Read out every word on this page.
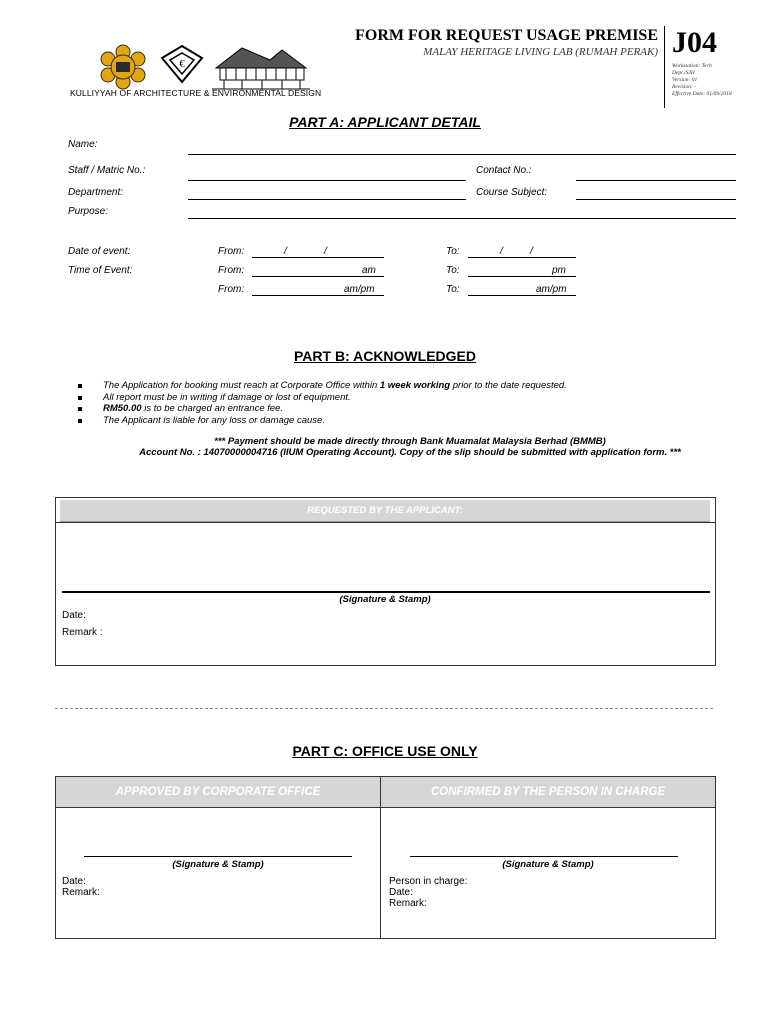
€
KULLIYYAH OF ARCHITECTURE & ENVIRONMENTAL DESIGN
FORM FOR REQUEST USAGE PREMISE
MALAY HERITAGE LIVING LAB (RUMAH PERAK) J04
Workstation: Tech Dept./SJH
Version: 01
Revision: -
Effective Date: 01/09/2018
PART A: APPLICANT DETAIL
Name:
Staff / Matric No.:	Contact No.:
Department:	Course Subject:
Purpose:
Date of event:	From:	/	/	To:	/	/
Time of Event:	From:	am	To:	pm
From:	am/pm	To:	am/pm
PART B: ACKNOWLEDGED
The Application for booking must reach at Corporate Office within 1 week working prior to the date requested.
All report must be in writing if damage or lost of equipment.
RM50.00 is to be charged an entrance fee.
The Applicant is liable for any loss or damage cause.
*** Payment should be made directly through Bank Muamalat Malaysia Berhad (BMMB)
Account No. : 14070000004716 (IIUM Operating Account). Copy of the slip should be submitted with application form. ***
REQUESTED BY THE APPLICANT:
(Signature & Stamp)
Date:
Remark :
PART C: OFFICE USE ONLY
APPROVED BY CORPORATE OFFICE	CONFIRMED BY THE PERSON IN CHARGE
(Signature & Stamp)
Date:
Remark:
(Signature & Stamp)
Person in charge:
Date:
Remark:
